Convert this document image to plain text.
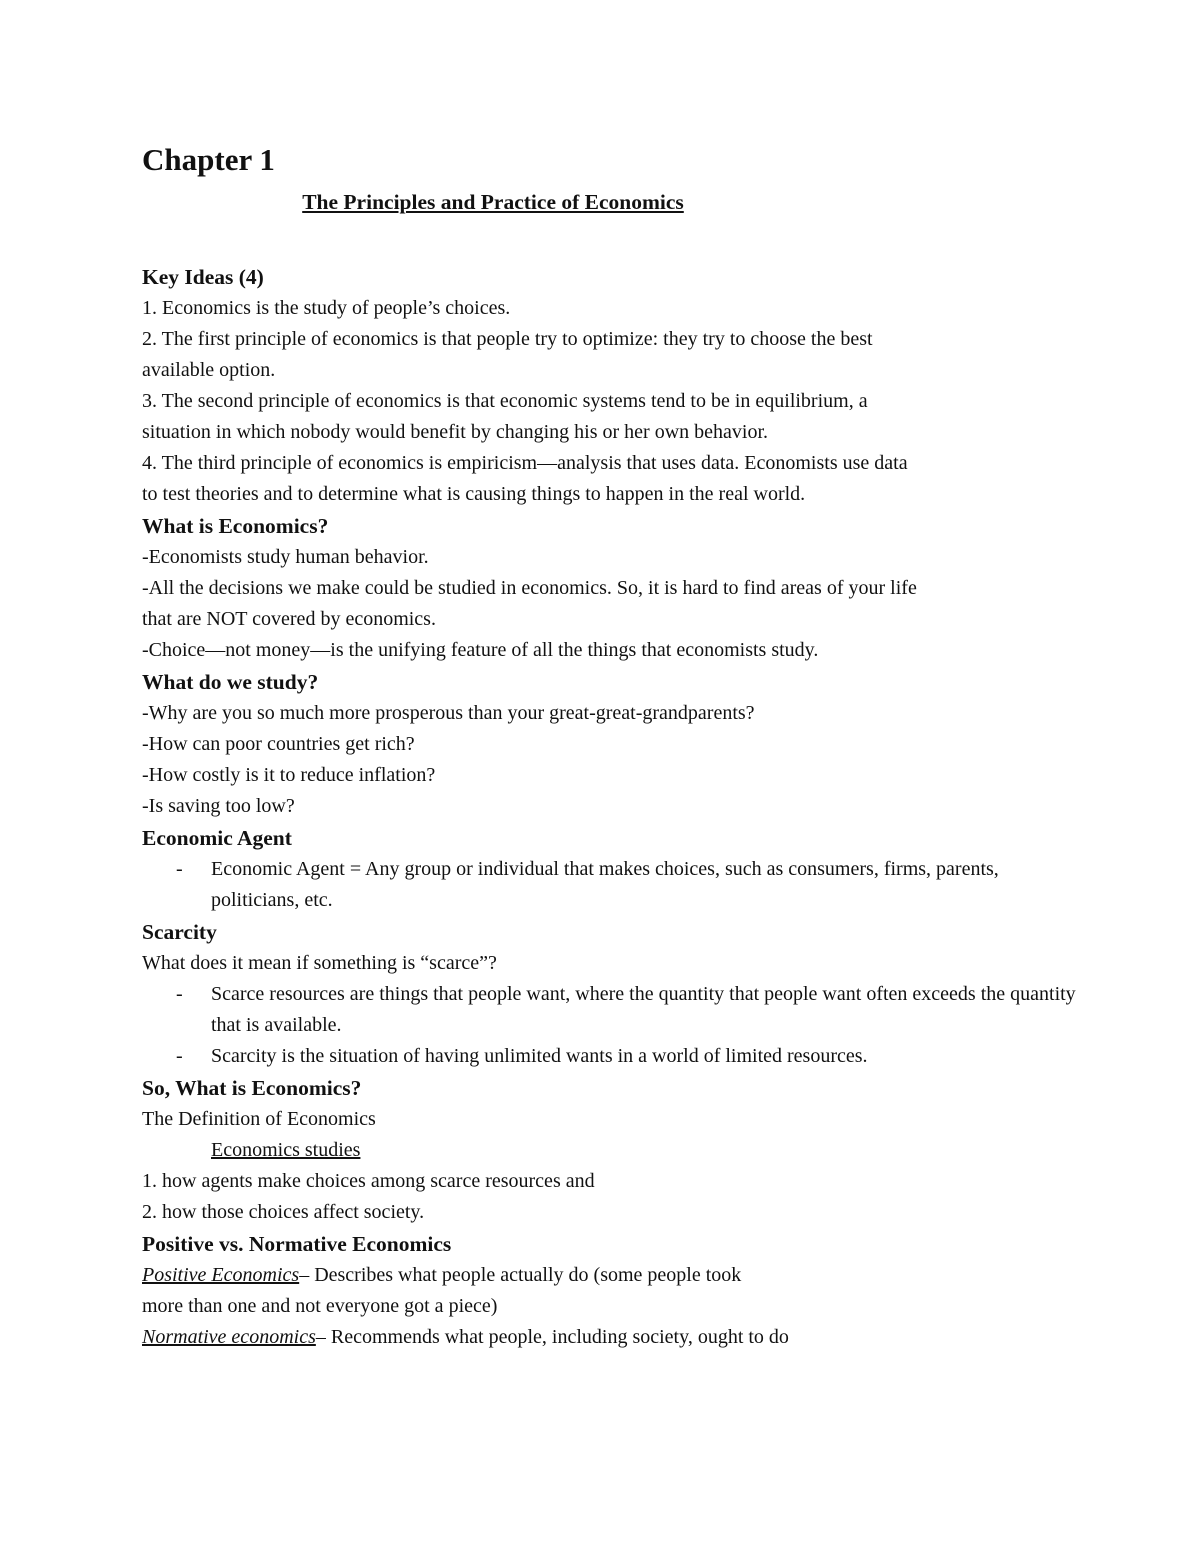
Chapter 1
The Principles and Practice of Economics
Key Ideas (4)

1. Economics is the study of people’s choices.

2. The first principle of economics is that people try to optimize: they try to choose the best
available option.

3. The second principle of economics is that economic systems tend to be in equilibrium, a
situation in which nobody would benefit by changing his or her own behavior.

4. The third principle of economics is empiricism—analysis that uses data. Economists use data
to test theories and to determine what is causing things to happen in the real world.

What is Economics?

-Economists study human behavior.

-All the decisions we make could be studied in economics. So, it is hard to find areas of your life
that are NOT covered by economics.

-Choice—not money—is the unifying feature of all the things that economists study.

What do we study?

-Why are you so much more prosperous than your great-great-grandparents?

-How can poor countries get rich?

-How costly is it to reduce inflation?

-Is saving too low?

Economic Agent
- Economic Agent = Any group or individual that makes choices, such as consumers, firms, parents, politicians, etc.
Scarcity

What does it mean if something is “scarce”?

- Scarce resources are things that people want, where the quantity that people want often exceeds the quantity that is available.
- Scarcity is the situation of having unlimited wants in a world of limited resources.
So, What is Economics?

The Definition of Economics

Economics studies

1. how agents make choices among scarce resources and

2. how those choices affect society.

Positive vs. Normative Economics

Positive Economics– Describes what people actually do (some people took
more than one and not everyone got a piece)

Normative economics– Recommends what people, including society, ought to do
